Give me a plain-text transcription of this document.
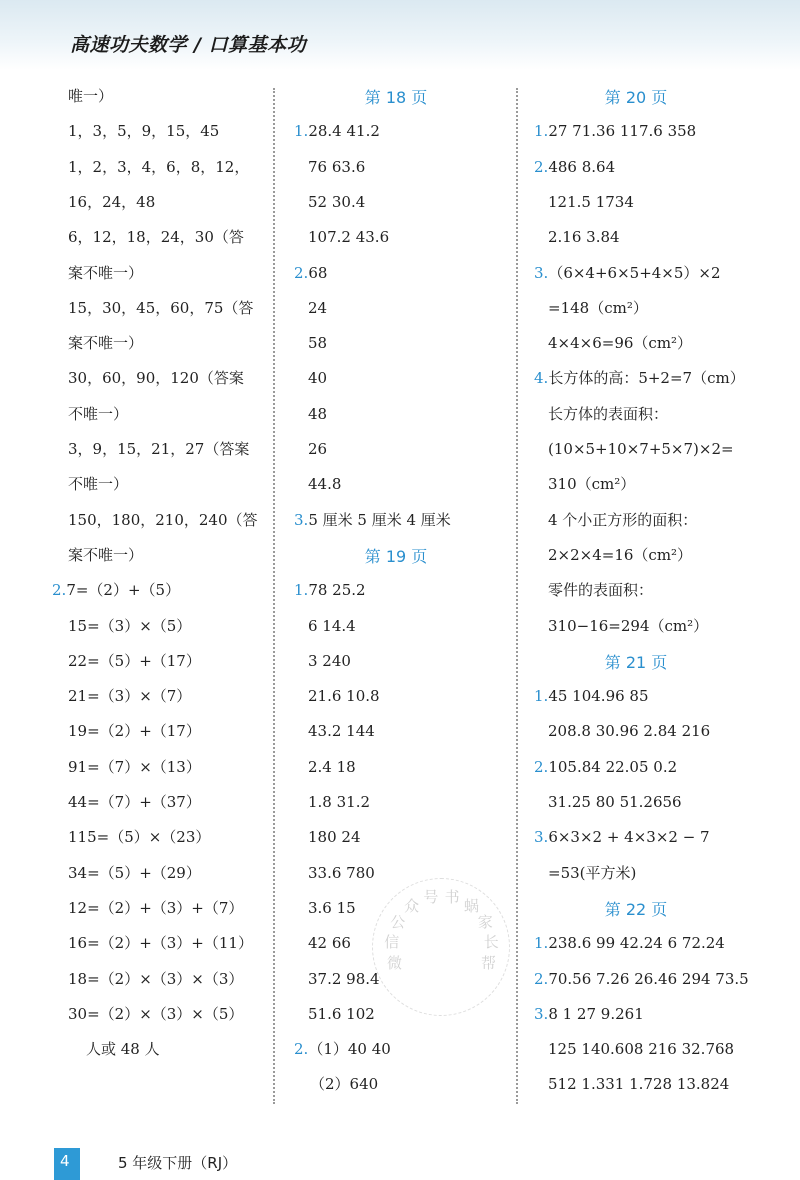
高速功夫数学 / 口算基本功
唯一）
1，3，5，9，15，45
1，2，3，4，6，8，12，
16，24，48
6，12，18，24，30（答
案不唯一）
15，30，45，60，75（答
案不唯一）
30，60，90，120（答案
不唯一）
3，9，15，21，27（答案
不唯一）
150，180，210，240（答
案不唯一）
2.7=（2）+（5）
15=（3）×（5）
22=（5）+（17）
21=（3）×（7）
19=（2）+（17）
91=（7）×（13）
44=（7）+（37）
115=（5）×（23）
34=（5）+（29）
12=（2）+（3）+（7）
16=（2）+（3）+（11）
18=（2）×（3）×（3）
30=（2）×（3）×（5）
人或 48 人
第 18 页
1.28.4 41.2
76 63.6
52 30.4
107.2 43.6
2.68
24
58
40
48
26
44.8
3.5 厘米 5 厘米 4 厘米
第 19 页
1.78 25.2
6 14.4
3 240
21.6 10.8
43.2 144
2.4 18
1.8 31.2
180 24
33.6 780
3.6 15
42 66
37.2 98.4
51.6 102
2.（1）40 40
（2）640
第 20 页
1.27 71.36 117.6 358
2.486 8.64
121.5 1734
2.16 3.84
3.（6×4+6×5+4×5）×2
=148（cm²）
4×4×6=96（cm²）
4.长方体的高：5+2=7（cm）
长方体的表面积：
(10×5+10×7+5×7)×2=
310（cm²）
4 个小正方形的面积：
2×2×4=16（cm²）
零件的表面积：
310−16=294（cm²）
第 21 页
1.45 104.96 85
208.8 30.96 2.84 216
2.105.84 22.05 0.2
31.25 80 51.2656
3.6×3×2 + 4×3×2 − 7
=53(平方米)
第 22 页
1.238.6 99 42.24 6 72.24
2.70.56 7.26 26.46 294 73.5
3.8 1 27 9.261
125 140.608 216 32.768
512 1.331 1.728 13.824
微
信
公
众 号 书 蜗
家
长
帮
4	5 年级下册（RJ）
